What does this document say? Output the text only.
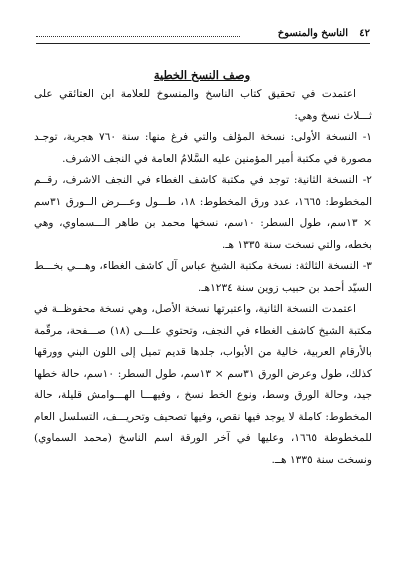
٤٢
الناسخ والمنسوخ
وصف النسخ الخطية

اعتمدت في تحقيق كتاب الناسخ والمنسوخ للعلامة ابن العتائقي على ثـــلاث نسخ وهي:

١- النسخة الأولى: نسخة المؤلف والتي فرغ منها: سنة ٧٦٠ هجرية، توجـد مصورة في مكتبة أمير المؤمنين عليه السَّلامُ العامة في النجف الاشرف.

٢- النسخة الثانية: توجد في مكتبة كاشف الغطاء في النجف الاشرف، رقــم المخطوط: ١٦٦٥، عدد ورق المخطوط: ١٨، طـــول وعـــرض الــورق ٣١سم × ١٣سم، طول السطر: ١٠سم، نسخها محمد بن طاهر الـــسماوي، وهي بخطه، والتي نسخت سنة ١٣٣٥ هـ.

٣- النسخة الثالثة: نسخة مكتبة الشيخ عباس آل كاشف الغطاء، وهـــي بخـــط السيّد أحمد بن حبيب زوين سنة ١٢٣٤هـ.

اعتمدت النسخة الثانية، واعتبرتها نسخة الأصل، وهي نسخة محفوظــة في مكتبة الشيخ كاشف الغطاء في النجف، وتحتوي علـــى (١٨) صـــفحة، مرقّمة بالأرقام العربية، خالية من الأبواب، جلدها قديم تميل إلى اللون البني وورقها كذلك، طول وعرض الورق ٣١سم × ١٣سم، طول السطر: ١٠سم، حالة خطها جيد، وحالة الورق وسط، ونوع الخط نسخ ، وفيهـــا الهـــوامش قليلة، حالة المخطوط: كاملة لا يوجد فيها نقص، وفيها تصحيف وتحريـــف، التسلسل العام للمخطوطة ١٦٦٥، وعليها في آخر الورقة اسم الناسخ (محمد السماوي) ونسخت سنة ١٣٣٥ هــ.
